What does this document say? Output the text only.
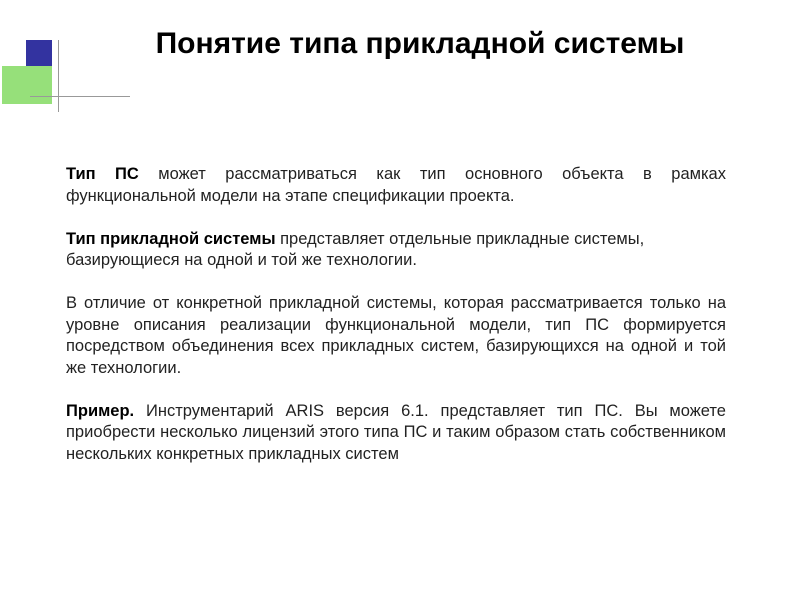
Понятие типа прикладной системы

Тип ПС может рассматриваться как тип основного объекта в рамках функциональной модели на этапе спецификации проекта.

Тип прикладной системы представляет отдельные прикладные системы, базирующиеся на одной и той же технологии.

В отличие от конкретной прикладной системы, которая рассматривается только на уровне описания реализации функциональной модели, тип ПС формируется посредством объединения всех прикладных систем, базирующихся на одной и той же технологии.

Пример. Инструментарий ARIS версия 6.1. представляет тип ПС. Вы можете приобрести несколько лицензий этого типа ПС и таким образом стать собственником нескольких конкретных прикладных систем
